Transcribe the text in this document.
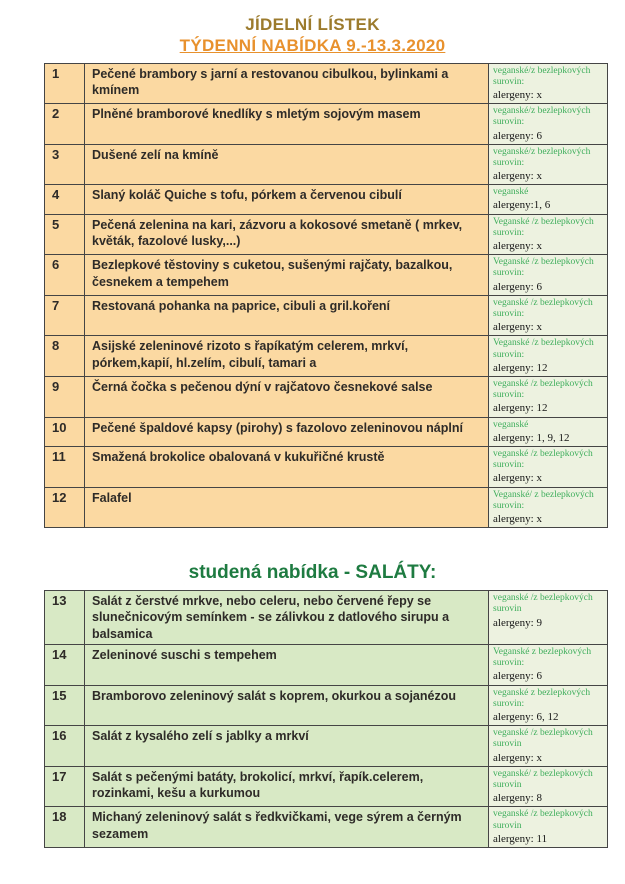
JÍDELNÍ LÍSTEK
TÝDENNÍ NABÍDKA 9.-13.3.2020
1	Pečené brambory s jarní a restovanou cibulkou, bylinkami a kmínem	veganské/z bezlepkových
surovin:
alergeny: x

2	Plněné bramborové knedlíky s mletým sojovým masem	veganské/z bezlepkových
surovin:
alergeny: 6

3	Dušené zelí na kmíně	veganské/z bezlepkových
surovin:
alergeny: x

4	Slaný koláč Quiche s tofu, pórkem a červenou cibulí	veganské
alergeny:1, 6

5	Pečená zelenina na kari, zázvoru a kokosové smetaně ( mrkev, květák, fazolové lusky,...)	Veganské /z bezlepkových
surovin:
alergeny: x

6	Bezlepkové těstoviny s cuketou, sušenými rajčaty, bazalkou, česnekem a tempehem	Veganské /z bezlepkových
surovin:
alergeny: 6

7	Restovaná pohanka na paprice, cibuli a gril.koření	veganské /z bezlepkových
surovin:
alergeny: x

8	Asijské zeleninové rizoto s řapíkatým celerem, mrkví, pórkem,kapií, hl.zelím, cibulí, tamari a	Veganské /z bezlepkových
surovin:
alergeny: 12

9	Černá čočka s pečenou dýní v rajčatovo česnekové salse	veganské /z bezlepkových
surovin:
alergeny: 12

10	Pečené špaldové kapsy (pirohy) s fazolovo zeleninovou náplní	veganské
alergeny: 1, 9, 12

11	Smažená brokolice obalovaná v kukuřičné krustě	veganské /z bezlepkových
surovin:
alergeny: x

12	Falafel	Veganské/ z bezlepkových
surovin:
alergeny: x
studená nabídka - SALÁTY:
13	Salát z čerstvé mrkve, nebo celeru, nebo červené řepy se slunečnicovým semínkem - se zálivkou z datlového sirupu a balsamica	veganské /z bezlepkových
surovin
alergeny: 9

14	Zeleninové suschi s tempehem	Veganské z bezlepkových
surovin:
alergeny: 6

15	Bramborovo zeleninový salát s koprem, okurkou a sojanézou	veganské z bezlepkových
surovin:
alergeny: 6, 12

16	Salát z kysalého zelí s jablky a mrkví	veganské /z bezlepkových
surovin
alergeny: x

17	Salát s pečenými batáty, brokolicí, mrkví, řapík.celerem, rozinkami, kešu a kurkumou	veganské/ z bezlepkových
surovin
alergeny: 8

18	Michaný zeleninový salát s ředkvičkami, vege sýrem a černým sezamem	veganské /z bezlepkových
surovin
alergeny: 11
